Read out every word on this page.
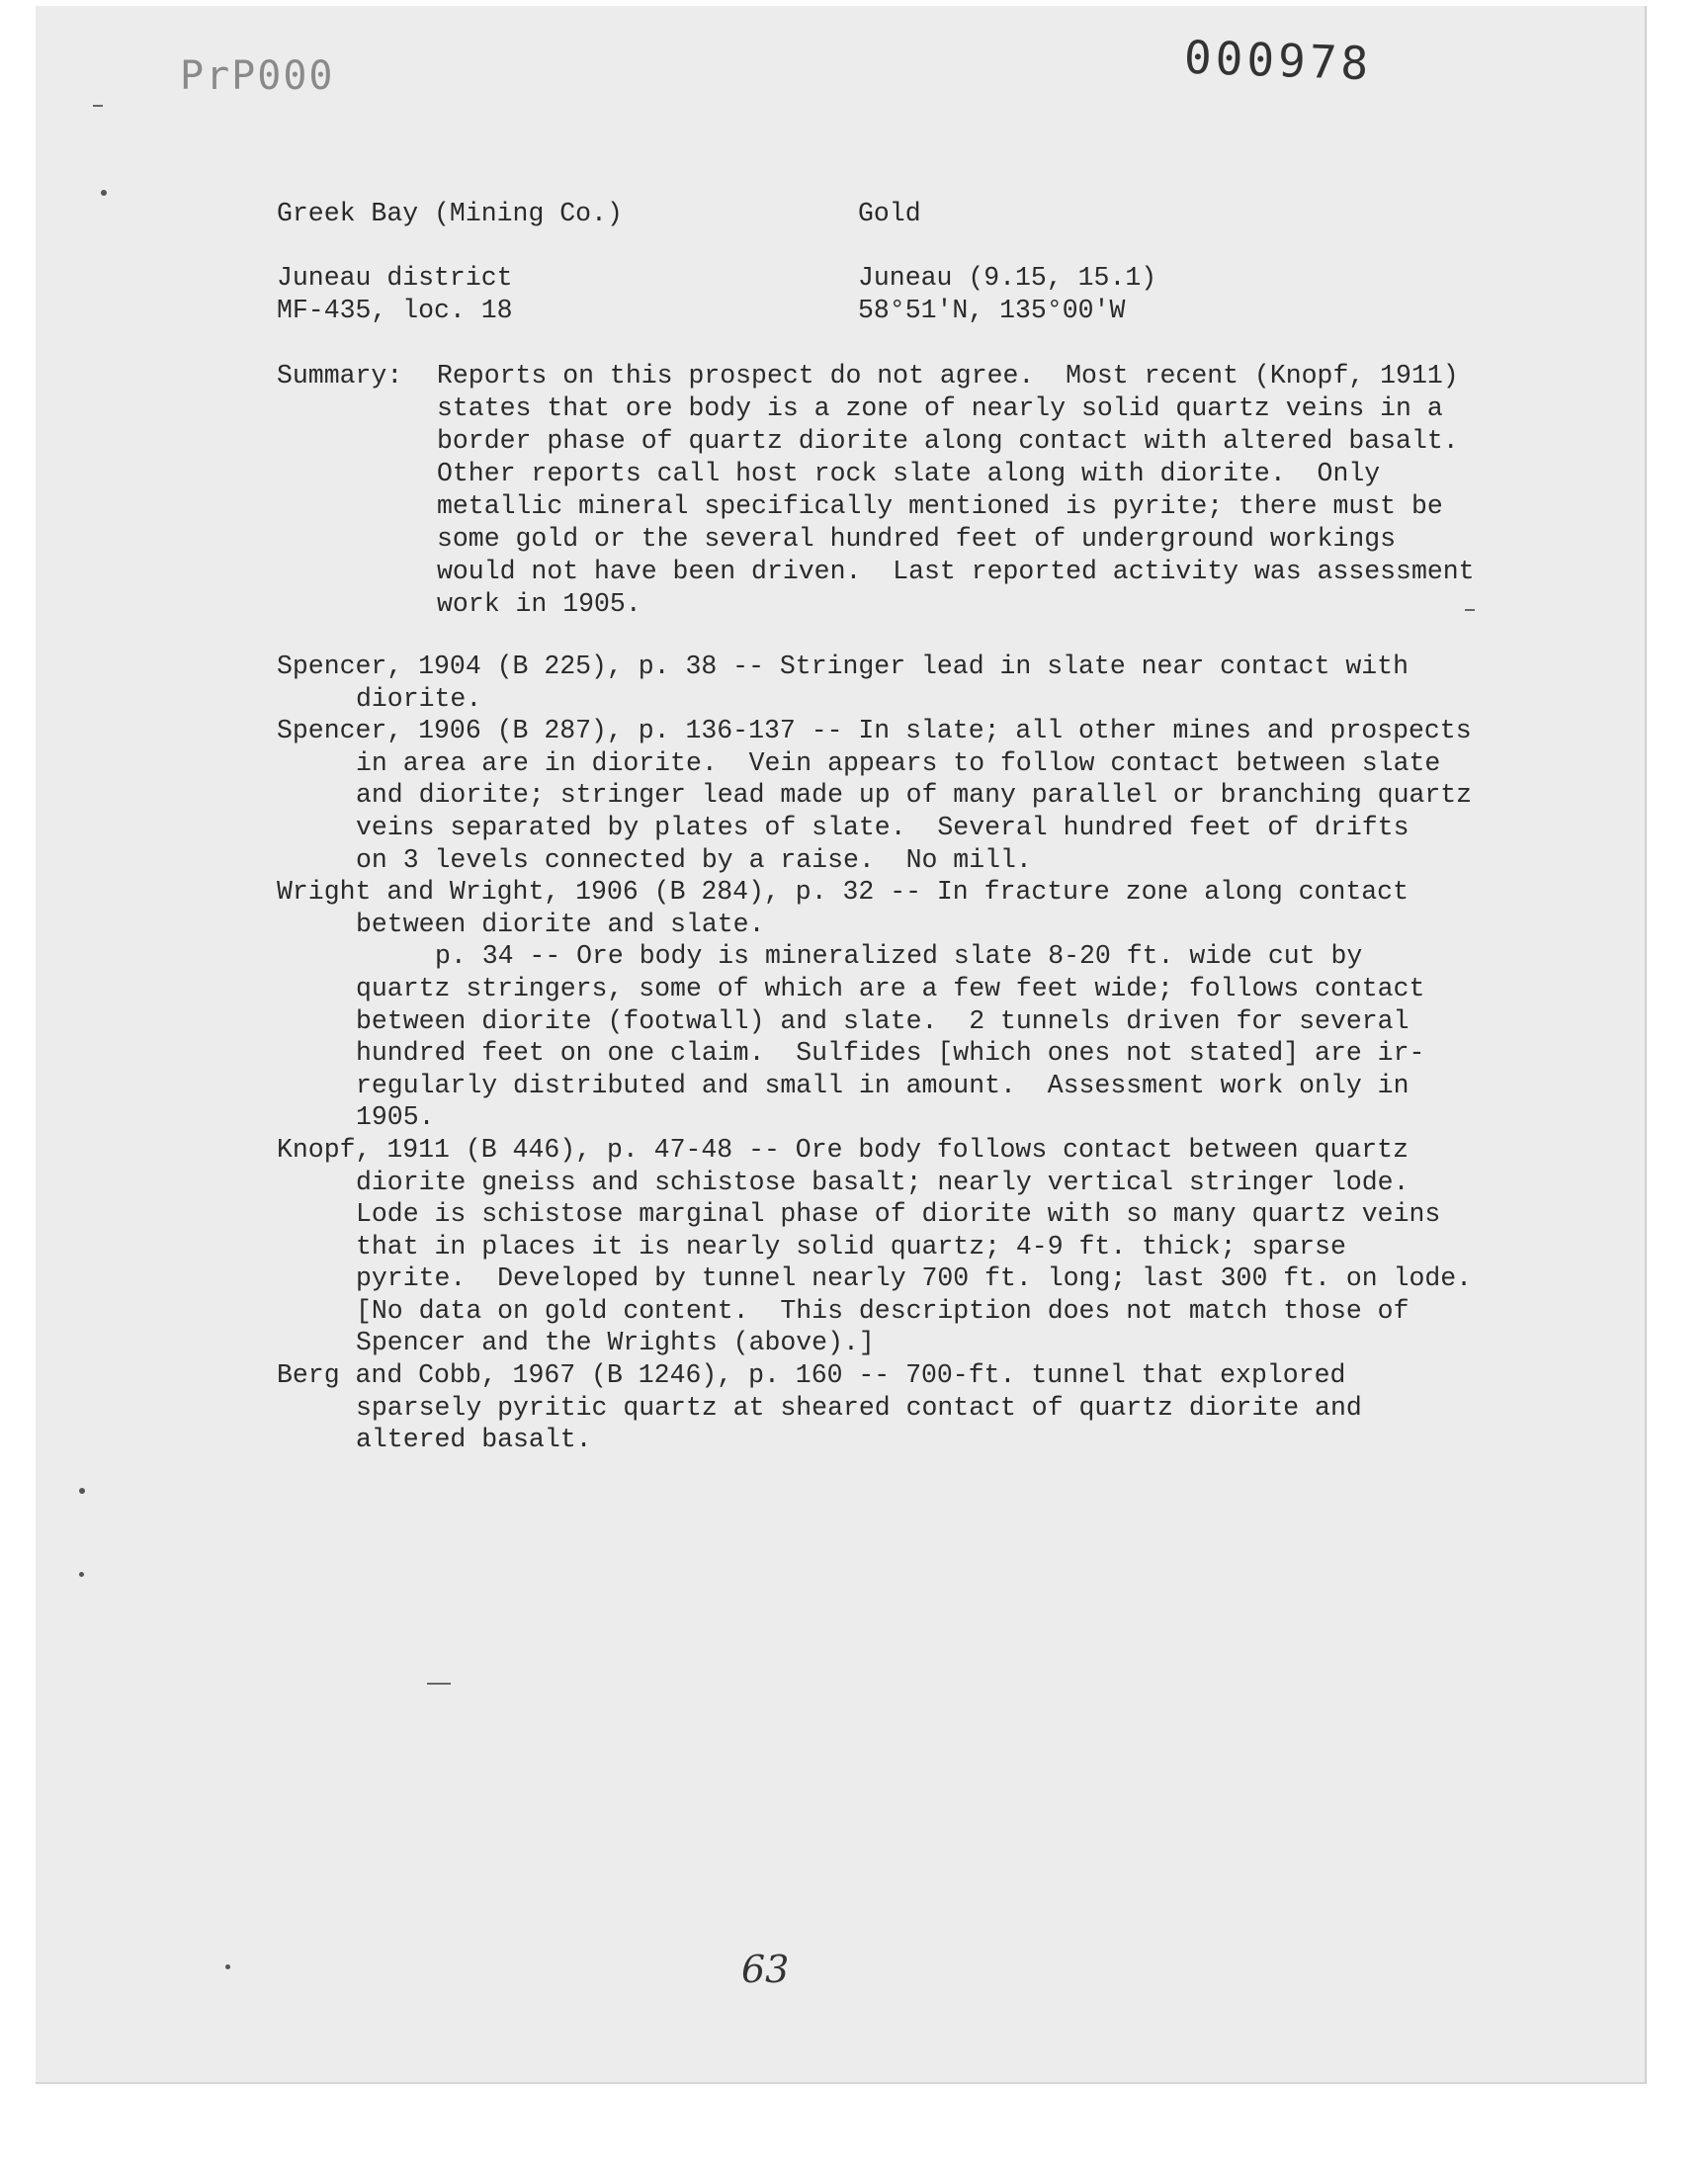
PrP000	000978
Greek Bay (Mining Co.)	Gold
Juneau district	Juneau (9.15, 15.1)
MF-435, loc. 18	58°51'N, 135°00'W
Summary: Reports on this prospect do not agree.  Most recent (Knopf, 1911)
states that ore body is a zone of nearly solid quartz veins in a
border phase of quartz diorite along contact with altered basalt.
Other reports call host rock slate along with diorite.  Only
metallic mineral specifically mentioned is pyrite; there must be
some gold or the several hundred feet of underground workings
would not have been driven.  Last reported activity was assessment
work in 1905.
Spencer, 1904 (B 225), p. 38 -- Stringer lead in slate near contact with
diorite.
Spencer, 1906 (B 287), p. 136-137 -- In slate; all other mines and prospects
in area are in diorite.  Vein appears to follow contact between slate
and diorite; stringer lead made up of many parallel or branching quartz
veins separated by plates of slate.  Several hundred feet of drifts
on 3 levels connected by a raise.  No mill.
Wright and Wright, 1906 (B 284), p. 32 -- In fracture zone along contact
between diorite and slate.
p. 34 -- Ore body is mineralized slate 8-20 ft. wide cut by
quartz stringers, some of which are a few feet wide; follows contact
between diorite (footwall) and slate.  2 tunnels driven for several
hundred feet on one claim.  Sulfides [which ones not stated] are ir-
regularly distributed and small in amount.  Assessment work only in
1905.
Knopf, 1911 (B 446), p. 47-48 -- Ore body follows contact between quartz
diorite gneiss and schistose basalt; nearly vertical stringer lode.
Lode is schistose marginal phase of diorite with so many quartz veins
that in places it is nearly solid quartz; 4-9 ft. thick; sparse
pyrite.  Developed by tunnel nearly 700 ft. long; last 300 ft. on lode.
[No data on gold content.  This description does not match those of
Spencer and the Wrights (above).]
Berg and Cobb, 1967 (B 1246), p. 160 -- 700-ft. tunnel that explored
sparsely pyritic quartz at sheared contact of quartz diorite and
altered basalt.
63
